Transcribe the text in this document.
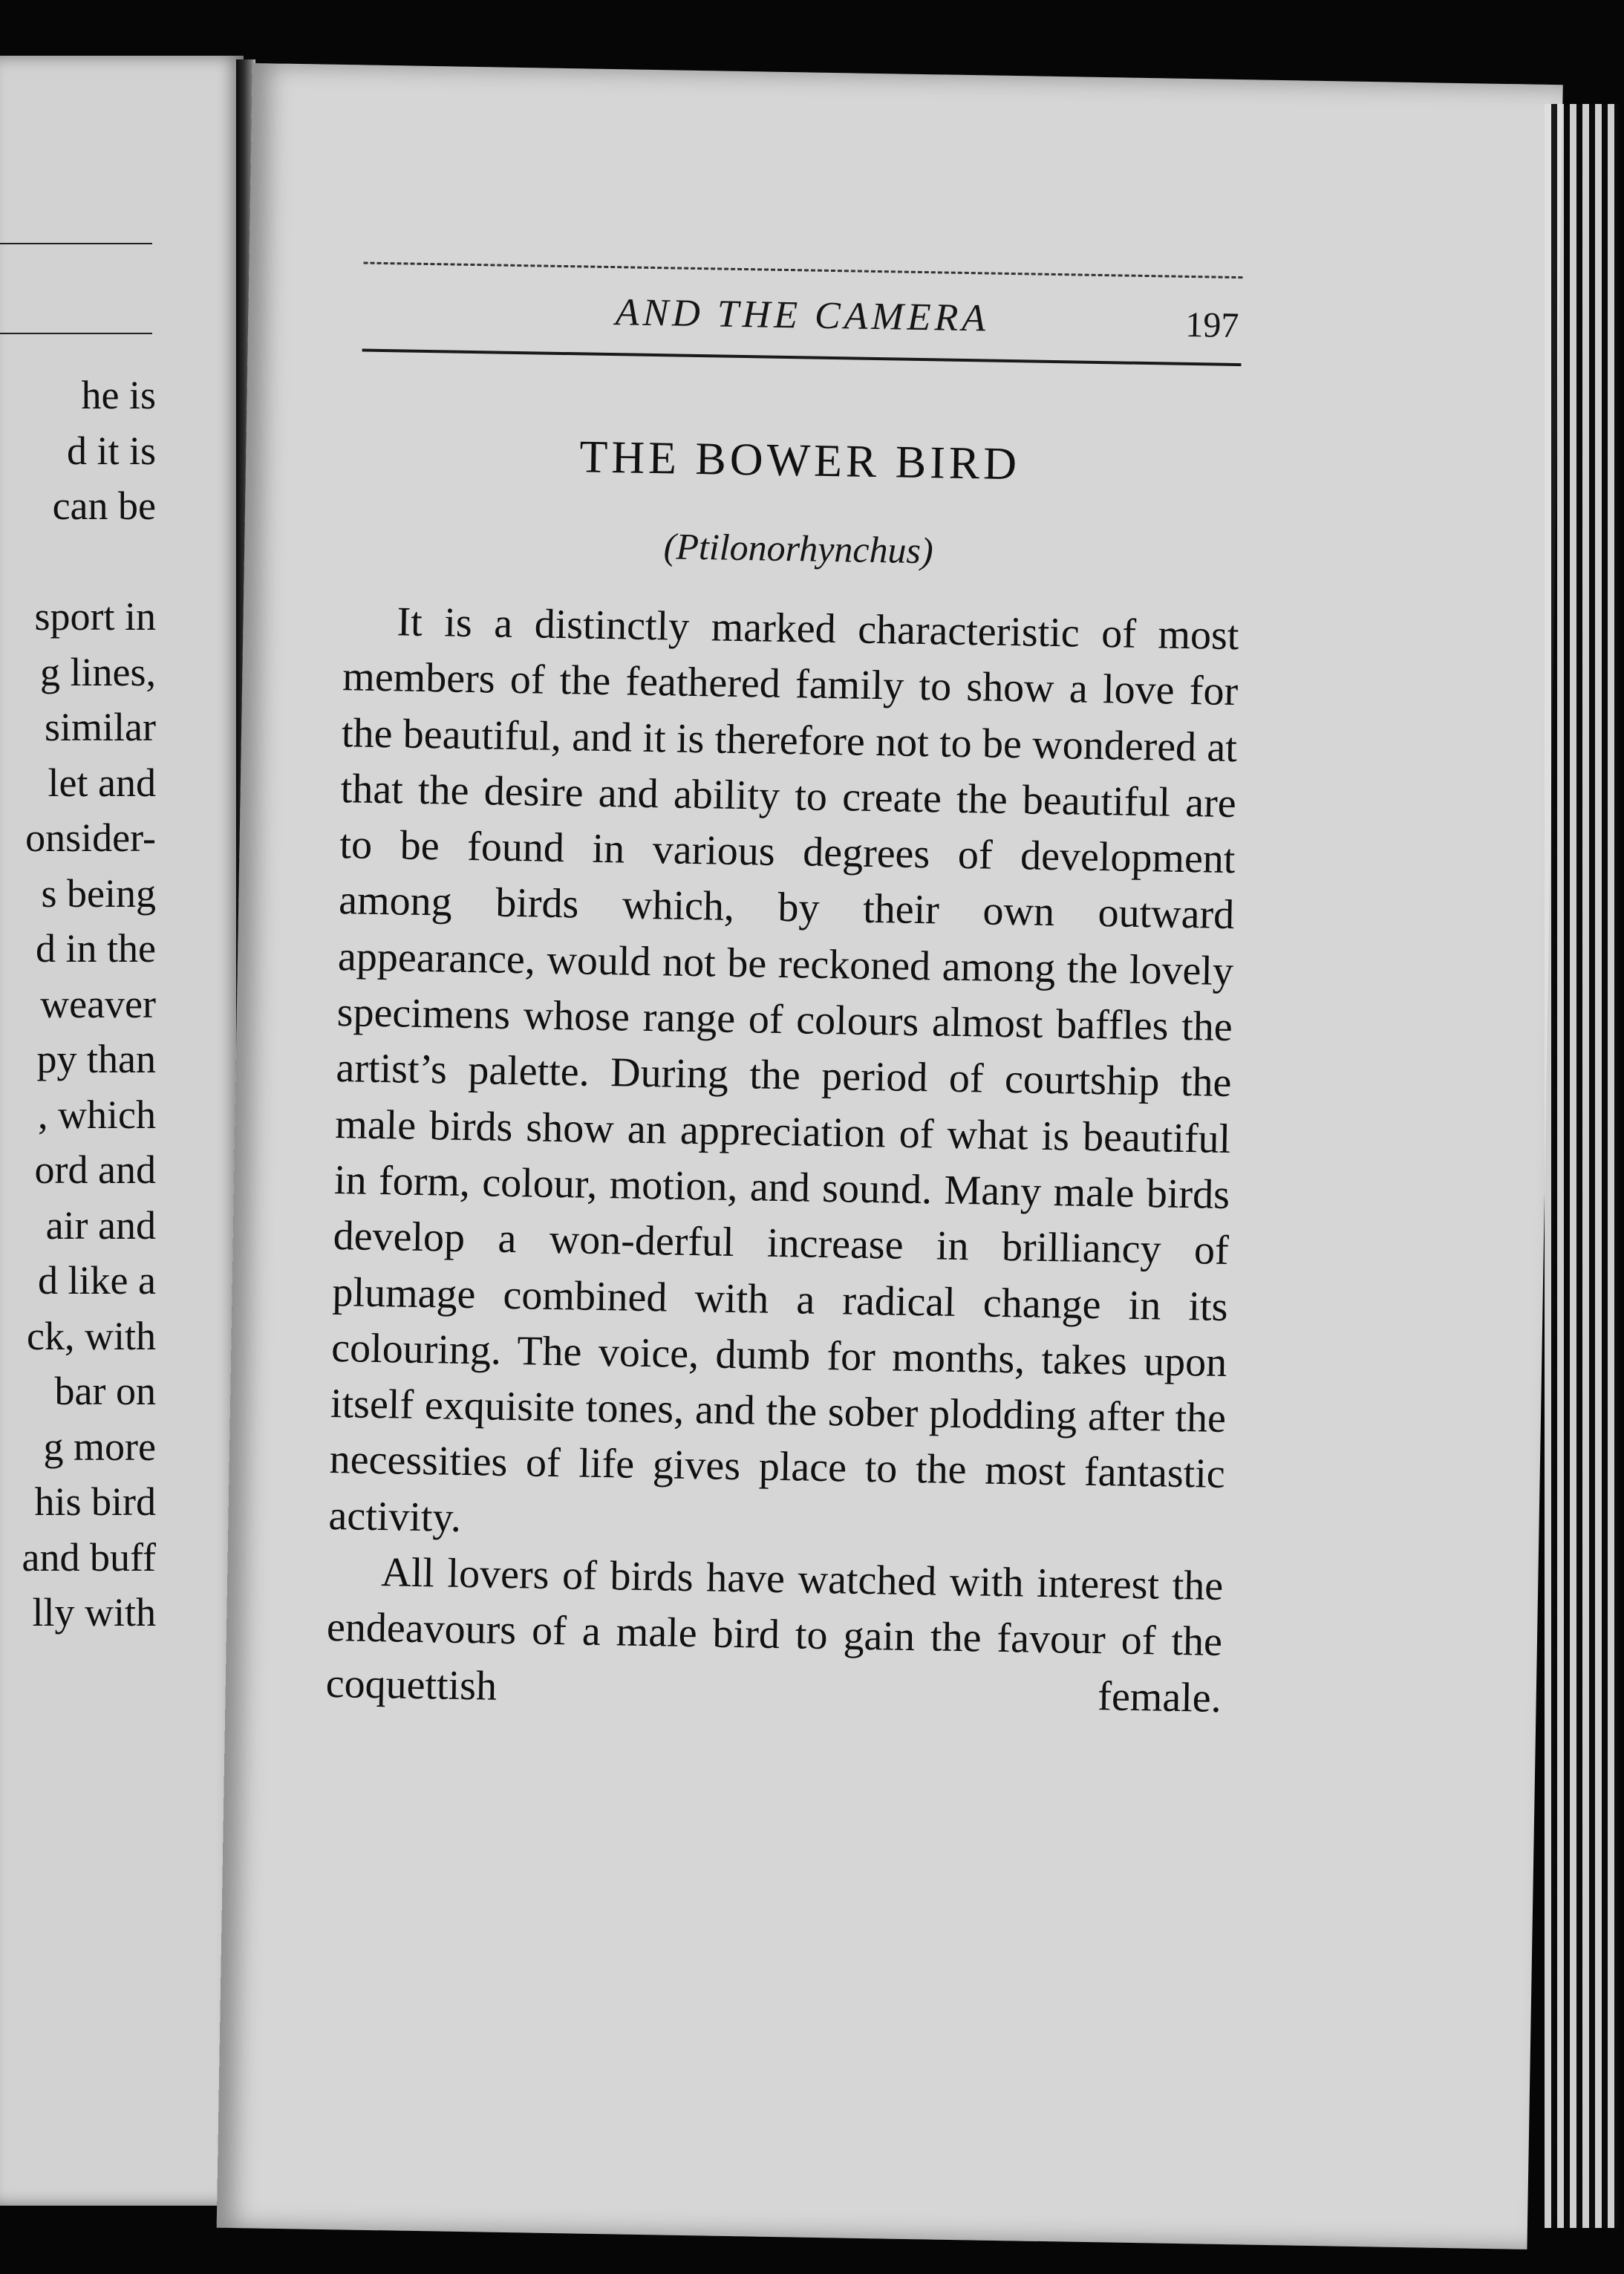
he is
d it is
can be
sport in
g lines,
similar
let and
onsider-
s being
d in the
weaver
py than
, which
ord and
air and
d like a
ck, with
bar on
g more
his bird
and buff
lly with
AND THE CAMERA	197
THE BOWER BIRD
(Ptilonorhynchus)

It is a distinctly marked characteristic of most members of the feathered family to show a love for the beautiful, and it is therefore not to be wondered at that the desire and ability to create the beautiful are to be found in various degrees of development among birds which, by their own outward appearance, would not be reckoned among the lovely specimens whose range of colours almost baffles the artist’s palette. During the period of courtship the male birds show an appreciation of what is beautiful in form, colour, motion, and sound. Many male birds develop a won-derful increase in brilliancy of plumage combined with a radical change in its colouring. The voice, dumb for months, takes upon itself exquisite tones, and the sober plodding after the necessities of life gives place to the most fantastic activity.

All lovers of birds have watched with interest the endeavours of a male bird to gain the favour of the coquettish female.
